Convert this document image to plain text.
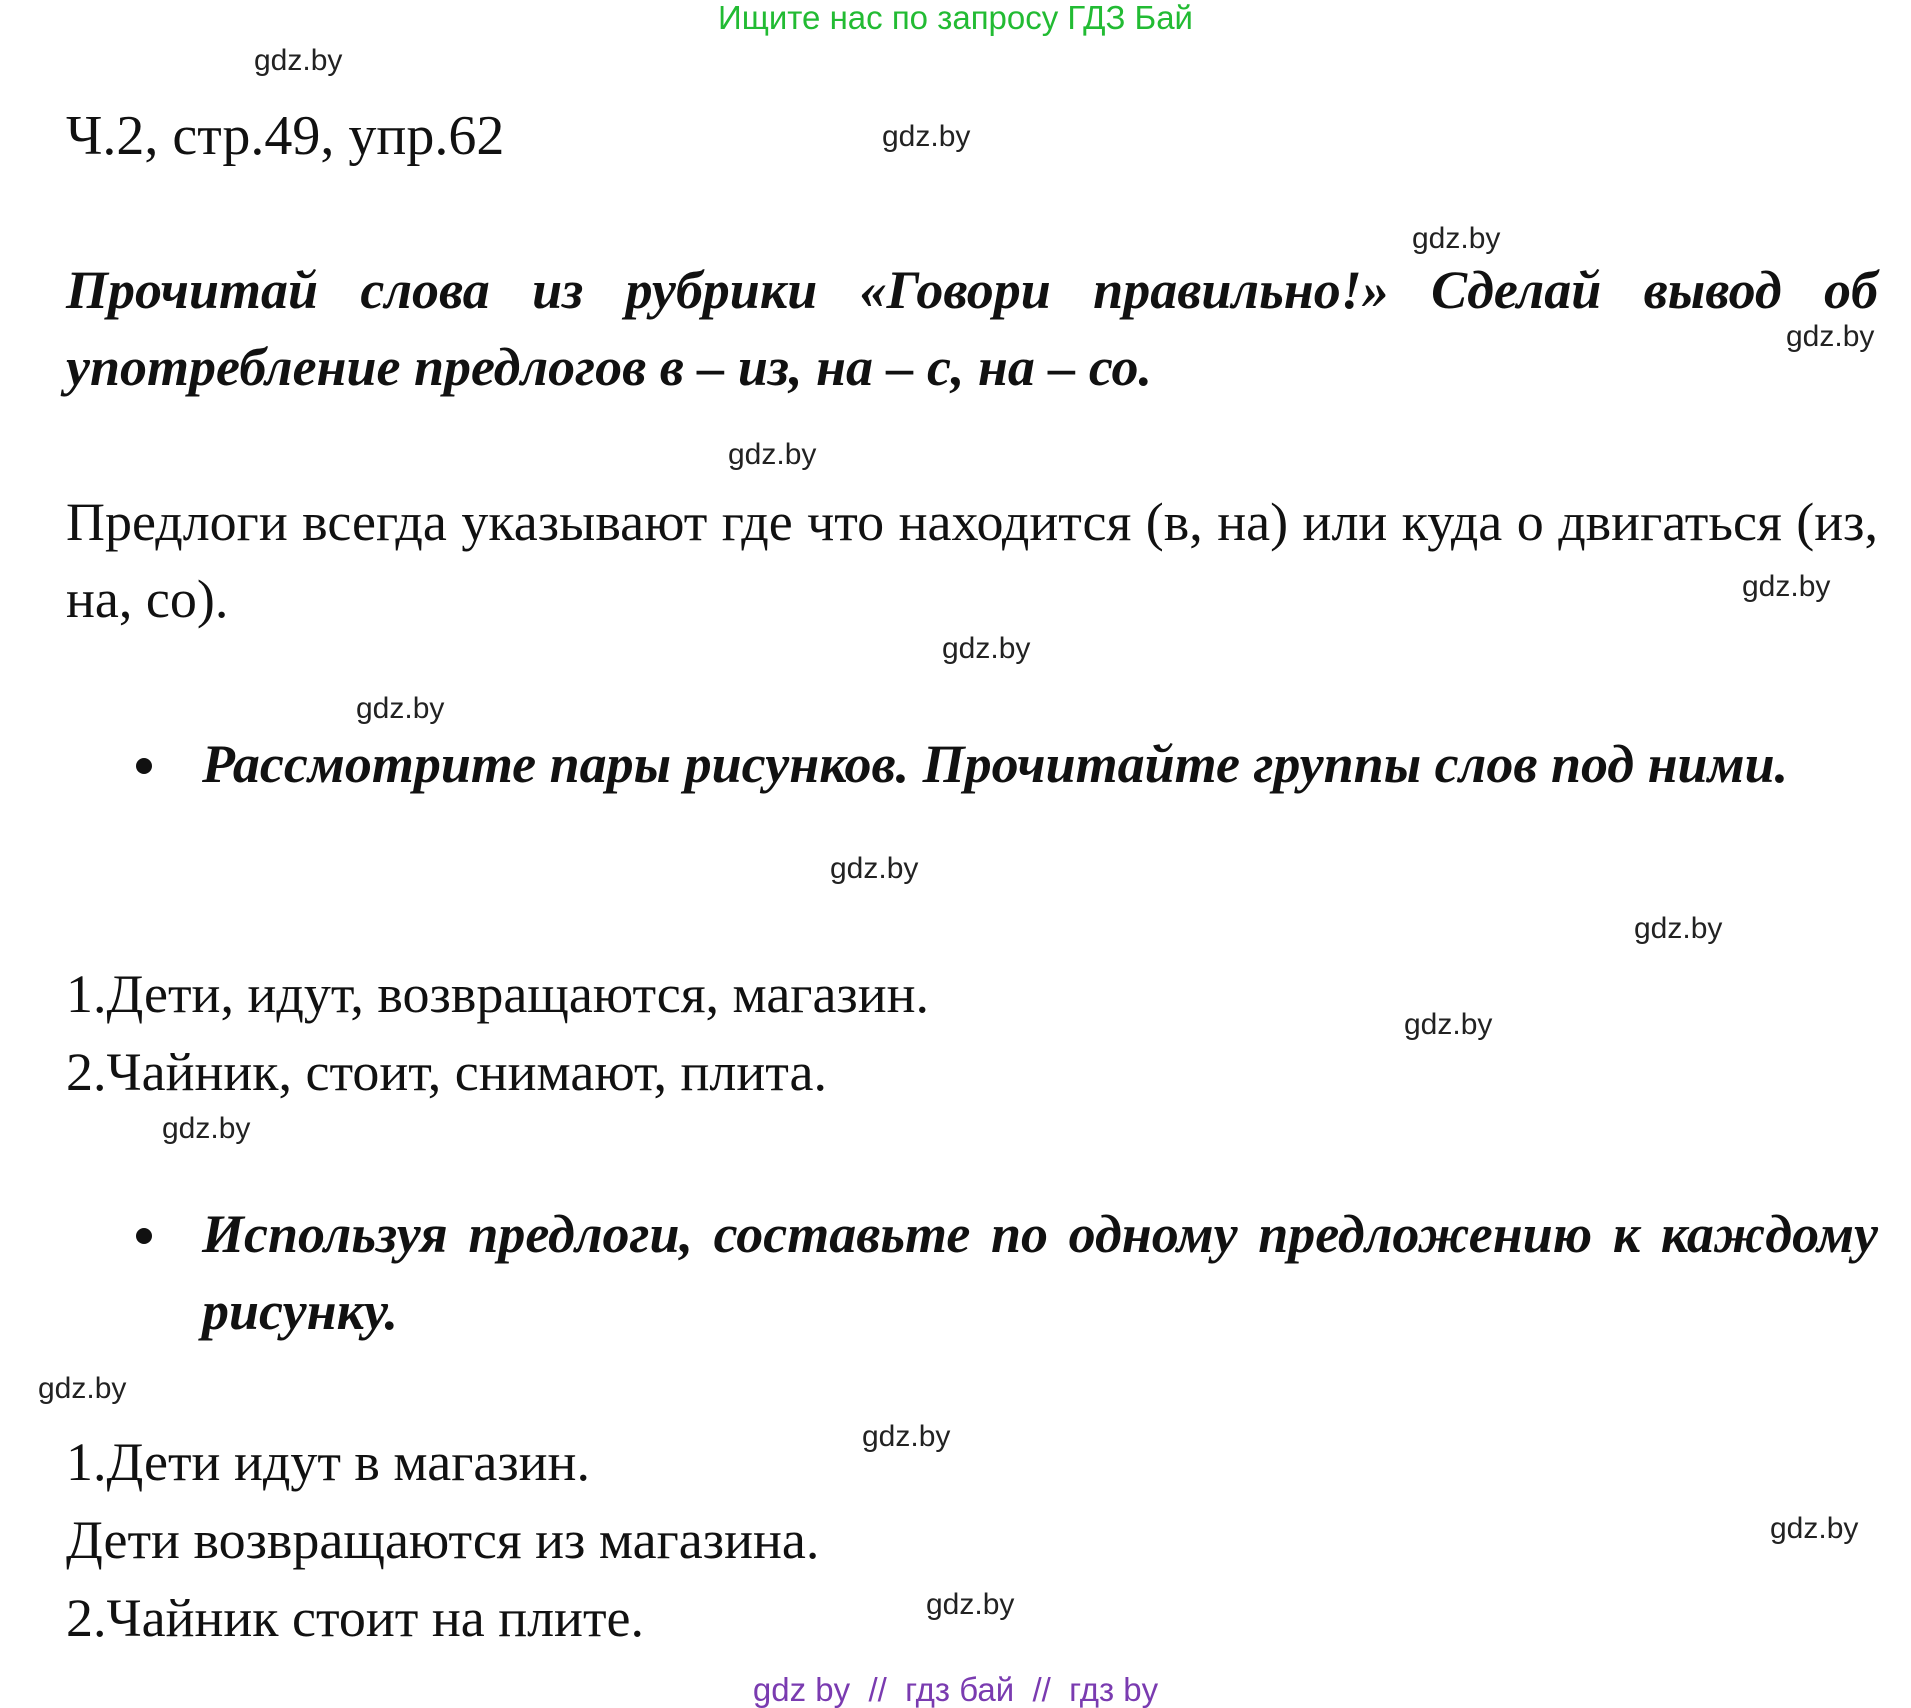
Ищите нас по запросу ГДЗ Бай
Ч.2, стр.49, упр.62
Прочитай слова из рубрики «Говори правильно!» Сделай вывод об употребление предлогов в – из, на – с, на – со.
Предлоги всегда указывают где что находится (в, на) или куда о двигаться (из, на, со).
Рассмотрите пары рисунков. Прочитайте группы слов под ними.
1.Дети, идут, возвращаются, магазин.
2.Чайник, стоит, снимают, плита.
Используя предлоги, составьте по одному предложению к каждому рисунку.
1.Дети идут в магазин.
Дети возвращаются из магазина.
2.Чайник стоит на плите.
gdz.by
gdz.by
gdz.by
gdz.by
gdz.by
gdz.by
gdz.by
gdz.by
gdz.by
gdz.by
gdz.by
gdz.by
gdz.by
gdz.by
gdz.by
gdz.by
gdz by  //  гдз бай  //  гдз by
